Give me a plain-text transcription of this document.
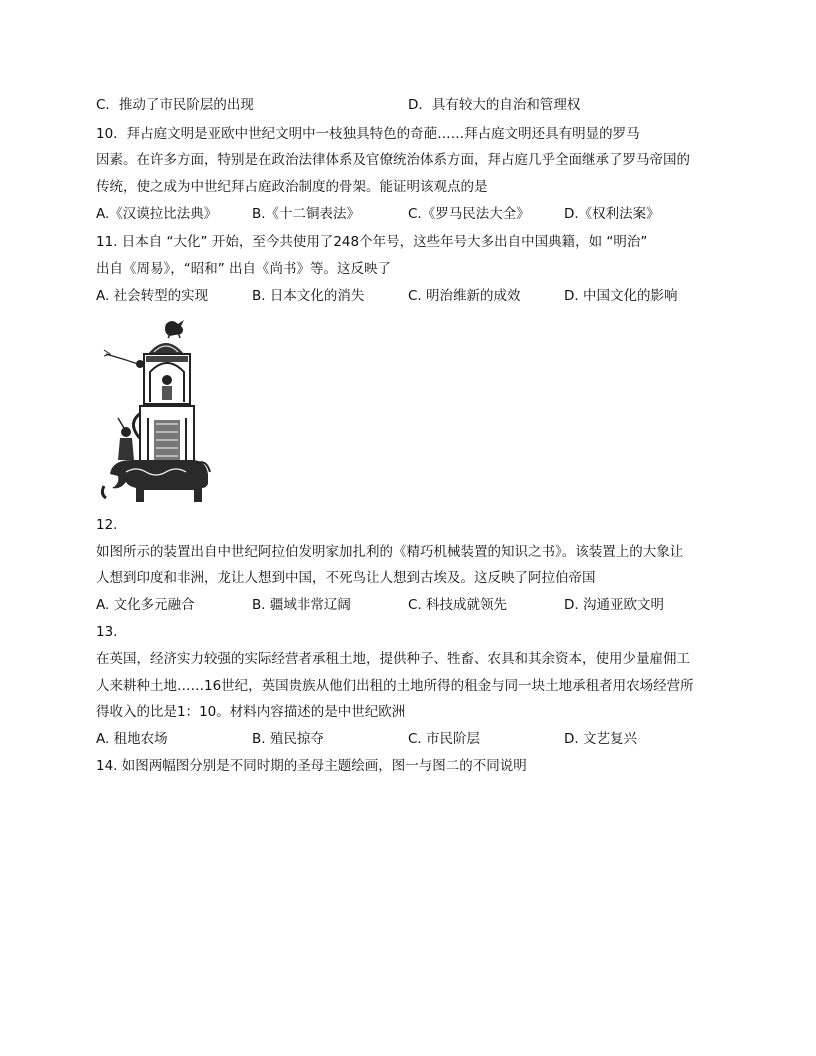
C．推动了市民阶层的出现	D．具有较大的自治和管理权
10．拜占庭文明是亚欧中世纪文明中一枝独具特色的奇葩……拜占庭文明还具有明显的罗马
因素。在许多方面，特别是在政治法律体系及官僚统治体系方面，拜占庭几乎全面继承了罗马帝国的
传统，使之成为中世纪拜占庭政治制度的骨架。能证明该观点的是
A.《汉谟拉比法典》	B.《十二铜表法》	C.《罗马民法大全》	D.《权利法案》
11. 日本自 “大化” 开始，至今共使用了248个年号，这些年号大多出自中国典籍，如 “明治”
出自《周易》，“昭和” 出自《尚书》等。这反映了
A. 社会转型的实现	B. 日本文化的消失	C. 明治维新的成效	D. 中国文化的影响
12.
如图所示的装置出自中世纪阿拉伯发明家加扎利的《精巧机械装置的知识之书》。该装置上的大象让
人想到印度和非洲，龙让人想到中国，不死鸟让人想到古埃及。这反映了阿拉伯帝国
A. 文化多元融合	B. 疆域非常辽阔	C. 科技成就领先	D. 沟通亚欧文明
13.
在英国，经济实力较强的实际经营者承租土地，提供种子、牲畜、农具和其余资本，使用少量雇佣工
人来耕种土地……16世纪，英国贵族从他们出租的土地所得的租金与同一块土地承租者用农场经营所
得收入的比是1：10。材料内容描述的是中世纪欧洲
A. 租地农场	B. 殖民掠夺	C. 市民阶层	D. 文艺复兴
14. 如图两幅图分别是不同时期的圣母主题绘画，图一与图二的不同说明
